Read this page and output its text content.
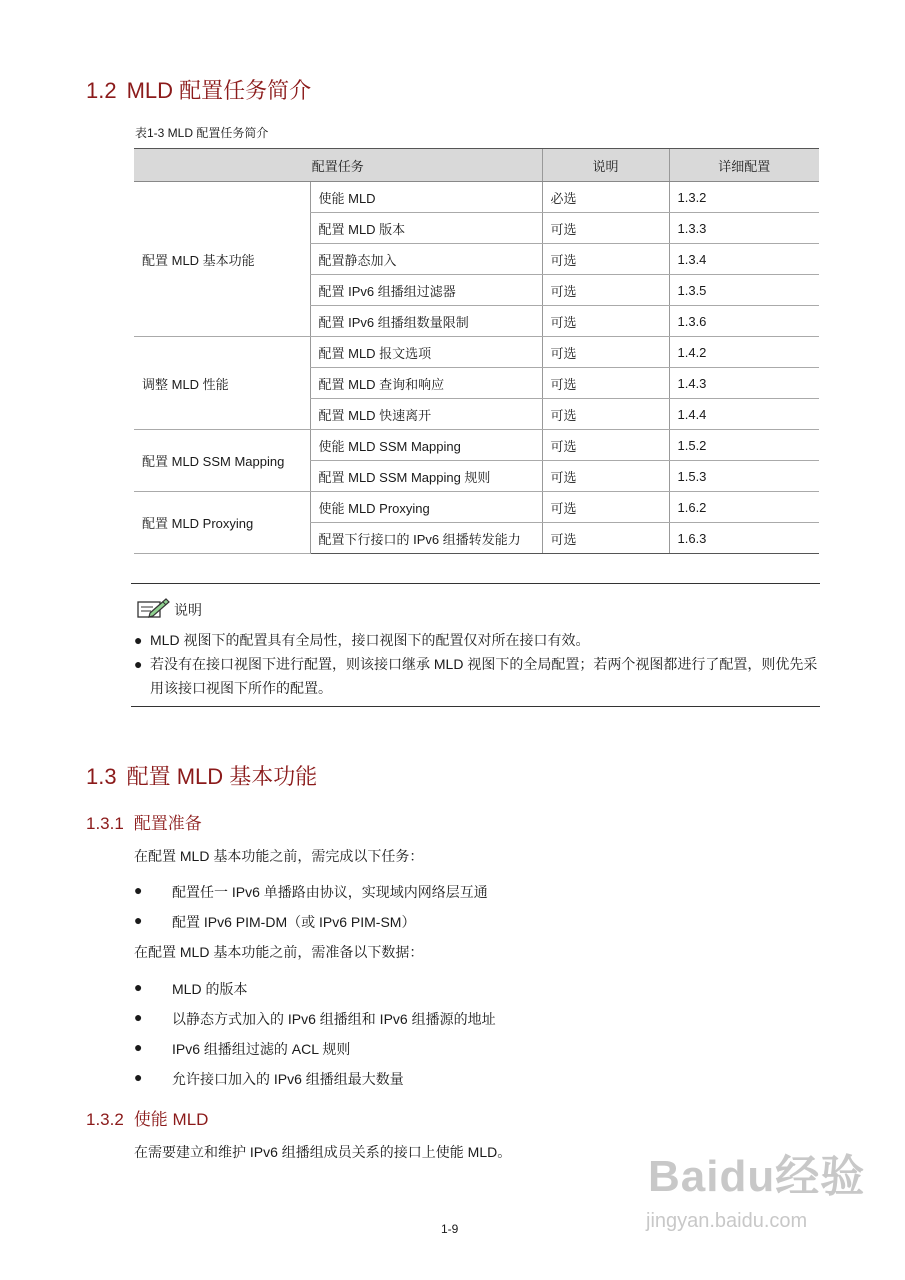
1.2 MLD 配置任务简介
表1-3 MLD 配置任务简介
配置任务		说明	详细配置
配置 MLD 基本功能	使能 MLD	必选	1.3.2
	配置 MLD 版本	可选	1.3.3
	配置静态加入	可选	1.3.4
	配置 IPv6 组播组过滤器	可选	1.3.5
	配置 IPv6 组播组数量限制	可选	1.3.6
调整 MLD 性能	配置 MLD 报文选项	可选	1.4.2
	配置 MLD 查询和响应	可选	1.4.3
	配置 MLD 快速离开	可选	1.4.4
配置 MLD SSM Mapping	使能 MLD SSM Mapping	可选	1.5.2
	配置 MLD SSM Mapping 规则	可选	1.5.3
配置 MLD Proxying	使能 MLD Proxying	可选	1.6.2
	配置下行接口的 IPv6 组播转发能力	可选	1.6.3
说明
● MLD 视图下的配置具有全局性，接口视图下的配置仅对所在接口有效。
● 若没有在接口视图下进行配置，则该接口继承 MLD 视图下的全局配置；若两个视图都进行了配置，则优先采用该接口视图下所作的配置。
1.3 配置 MLD 基本功能
1.3.1 配置准备
在配置 MLD 基本功能之前，需完成以下任务：
● 配置任一 IPv6 单播路由协议，实现域内网络层互通
● 配置 IPv6 PIM-DM（或 IPv6 PIM-SM）
在配置 MLD 基本功能之前，需准备以下数据：
● MLD 的版本
● 以静态方式加入的 IPv6 组播组和 IPv6 组播源的地址
● IPv6 组播组过滤的 ACL 规则
● 允许接口加入的 IPv6 组播组最大数量
1.3.2 使能 MLD
在需要建立和维护 IPv6 组播组成员关系的接口上使能 MLD。
1-9
Baidu经验
jingyan.baidu.com
